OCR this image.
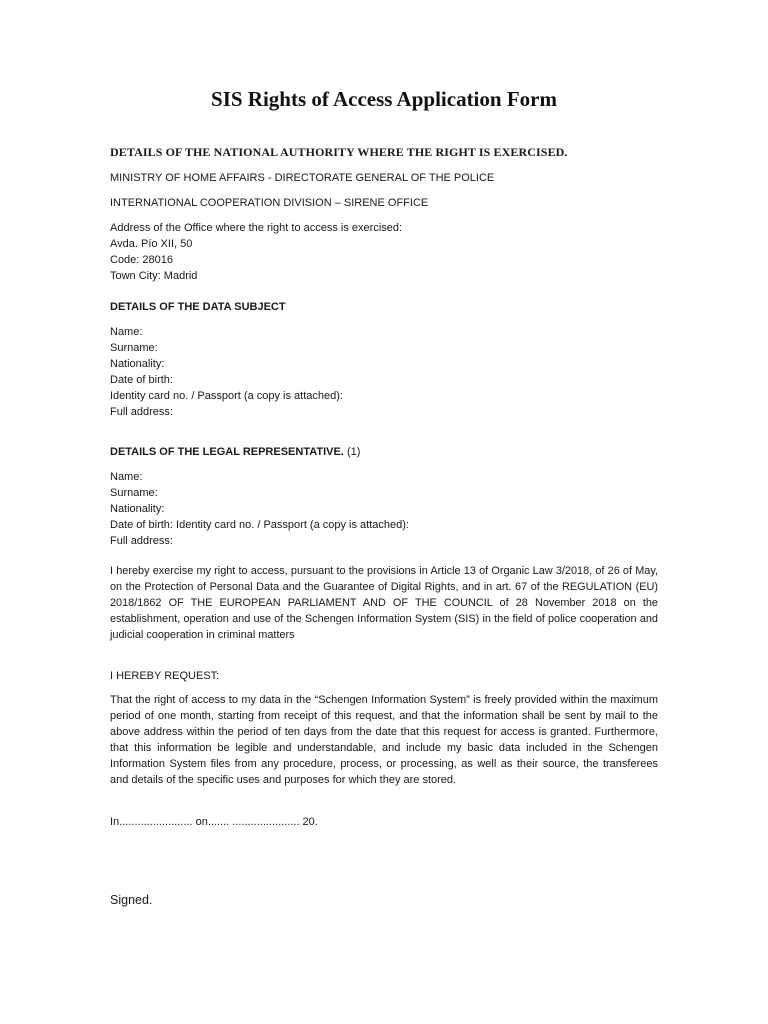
SIS Rights of Access Application Form
DETAILS OF THE NATIONAL AUTHORITY WHERE THE RIGHT IS EXERCISED.
MINISTRY OF HOME AFFAIRS - DIRECTORATE GENERAL OF THE POLICE
INTERNATIONAL COOPERATION DIVISION – SIRENE OFFICE
Address of the Office where the right to access is exercised:
Avda. Pío XII, 50
Code: 28016
Town City: Madrid
DETAILS OF THE DATA SUBJECT
Name:
Surname:
Nationality:
Date of birth:
Identity card no. / Passport (a copy is attached):
Full address:
DETAILS OF THE LEGAL REPRESENTATIVE. (1)
Name:
Surname:
Nationality:
Date of birth: Identity card no. / Passport (a copy is attached):
Full address:
I hereby exercise my right to access, pursuant to the provisions in Article 13 of Organic Law 3/2018, of 26 of May, on the Protection of Personal Data and the Guarantee of Digital Rights, and in art. 67 of the REGULATION (EU) 2018/1862 OF THE EUROPEAN PARLIAMENT AND OF THE COUNCIL of 28 November 2018 on the establishment, operation and use of the Schengen Information System (SIS) in the field of police cooperation and judicial cooperation in criminal matters
I HEREBY REQUEST:
That the right of access to my data in the “Schengen Information System” is freely provided within the maximum period of one month, starting from receipt of this request, and that the information shall be sent by mail to the above address within the period of ten days from the date that this request for access is granted. Furthermore, that this information be legible and understandable, and include my basic data included in the Schengen Information System files from any procedure, process, or processing, as well as their source, the transferees and details of the specific uses and purposes for which they are stored.
In........................ on....... ...................... 20.
Signed.
